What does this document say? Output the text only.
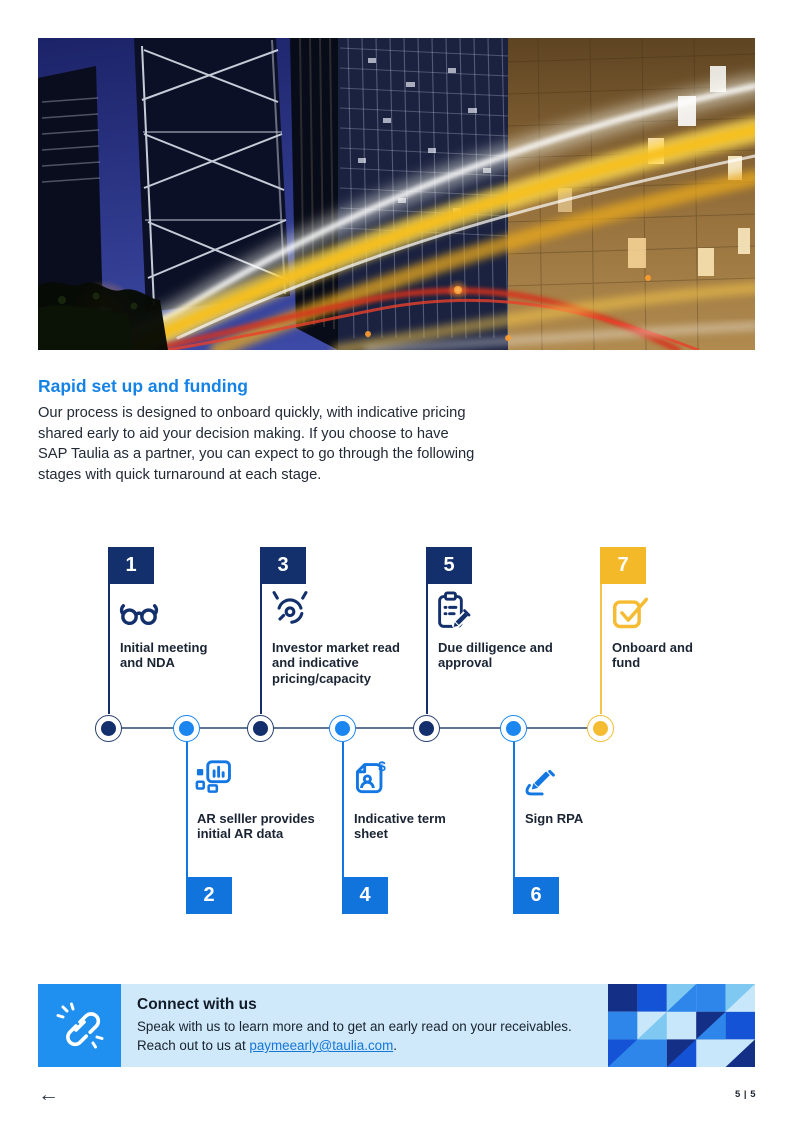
Rapid set up and funding
Our process is designed to onboard quickly, with indicative pricing shared early to aid your decision making. If you choose to have SAP Taulia as a partner, you can expect to go through the following stages with quick turnaround at each stage.
1
Initial meeting and NDA
3
Investor market read and indicative pricing/capacity
5
Due dilligence and approval
7
Onboard and fund
AR selller provides initial AR data
2
$
Indicative term sheet
4
Sign RPA
6
Connect with us
Speak with us to learn more and to get an early read on your receivables. Reach out to us at paymeearly@taulia.com.
←	5 | 5
